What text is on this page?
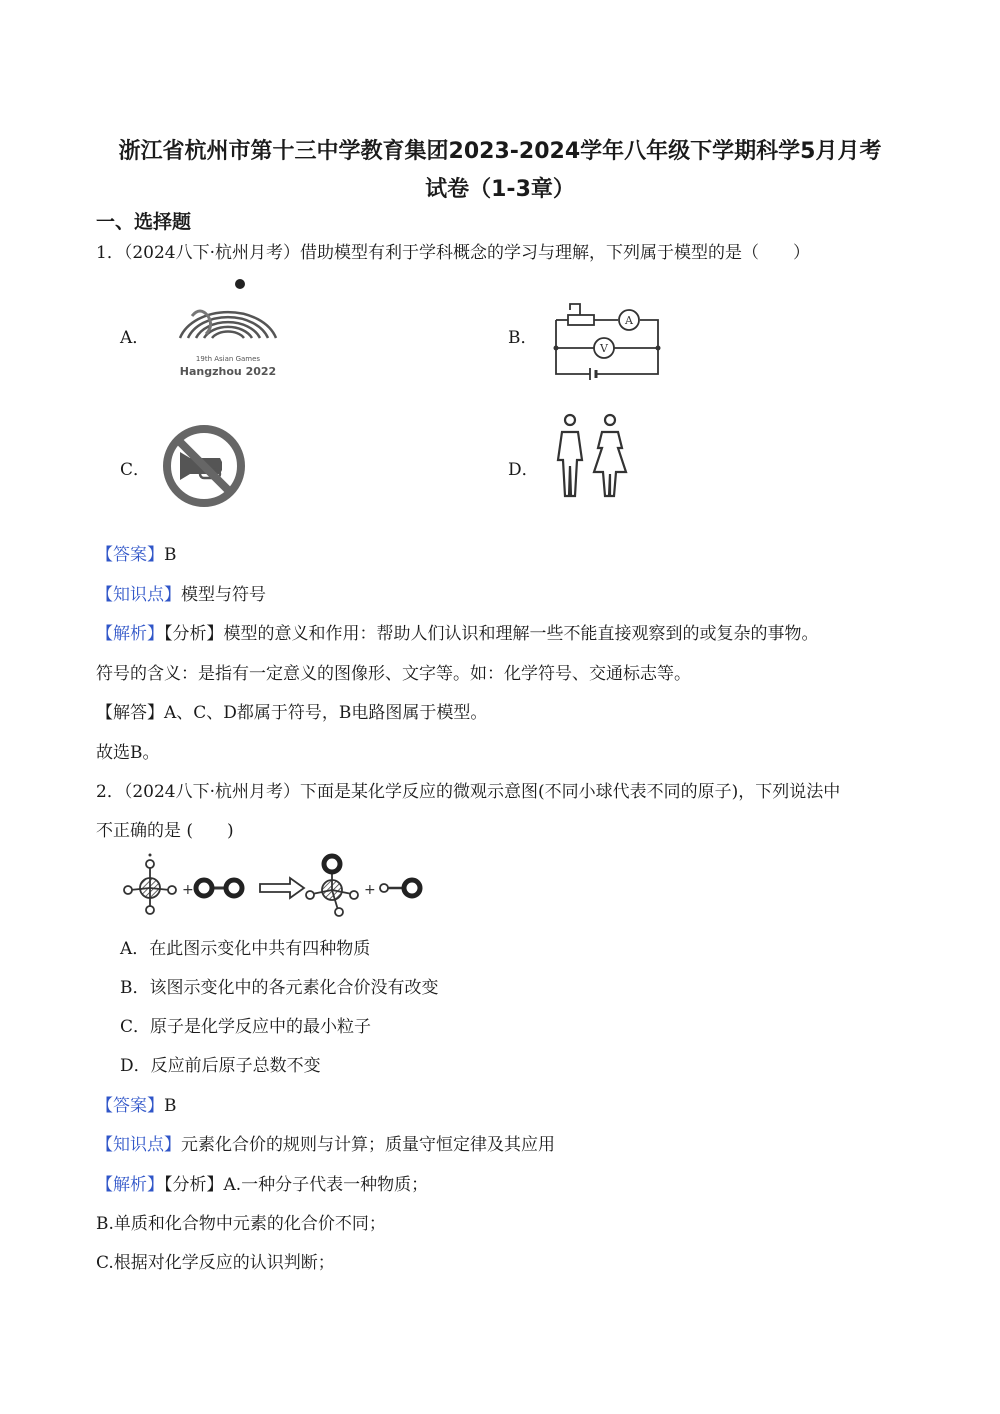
浙江省杭州市第十三中学教育集团2023-2024学年八年级下学期科学5月月考
试卷（1-3章）
一、选择题
1．（2024八下·杭州月考）借助模型有利于学科概念的学习与理解，下列属于模型的是（　　）
A．
19th Asian Games
Hangzhou 2022
B．
A
V
C．	D．
【答案】B
【知识点】模型与符号
【解析】【分析】模型的意义和作用：帮助人们认识和理解一些不能直接观察到的或复杂的事物。
符号的含义：是指有一定意义的图像形、文字等。如：化学符号、交通标志等。
【解答】A、C、D都属于符号，B电路图属于模型。
故选B。
2．（2024八下·杭州月考）下面是某化学反应的微观示意图(不同小球代表不同的原子)，下列说法中
不正确的是 (　　)
+	+
A．在此图示变化中共有四种物质
B．该图示变化中的各元素化合价没有改变
C．原子是化学反应中的最小粒子
D．反应前后原子总数不变
【答案】B
【知识点】元素化合价的规则与计算；质量守恒定律及其应用
【解析】【分析】A.一种分子代表一种物质；
B.单质和化合物中元素的化合价不同；
C.根据对化学反应的认识判断；
